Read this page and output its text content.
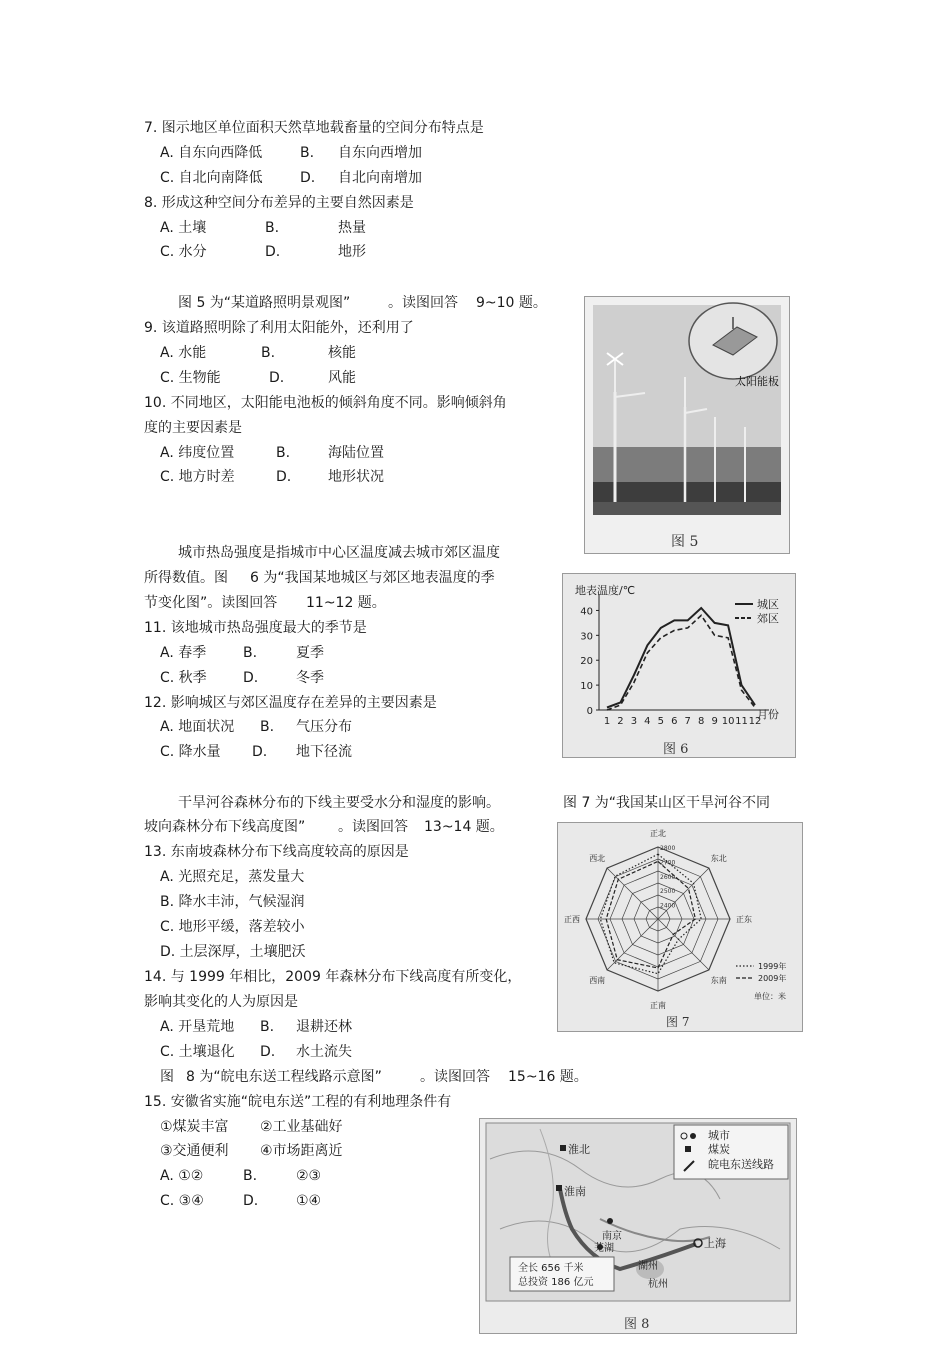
7. 图示地区单位面积天然草地载畜量的空间分布特点是
A. 自东向西降低	B. 自东向西增加
C. 自北向南降低	D. 自北向南增加
8. 形成这种空间分布差异的主要自然因素是
A. 土壤	B.	热量
C. 水分	D.	地形
图 5 为“某道路照明景观图”	。读图回答 9~10 题。
9. 该道路照明除了利用太阳能外，还利用了
A. 水能	B.	核能
C. 生物能	D.	风能
10. 不同地区，太阳能电池板的倾斜角度不同。影响倾斜角
度的主要因素是
A. 纬度位置	B.	海陆位置
C. 地方时差	D.	地形状况
太阳能板
图 5
城市热岛强度是指城市中心区温度减去城市郊区温度
所得数值。图 6 为“我国某地城区与郊区地表温度的季
节变化图”。读图回答 11~12 题。
11. 该地城市热岛强度最大的季节是
A. 春季	B.	夏季
C. 秋季	D.	冬季
12. 影响城区与郊区温度存在差异的主要因素是
A. 地面状况 B. 气压分布
C. 降水量 D. 地下径流
地表温度/℃
月份
0
10
20
30
40
1 2 3 4 5 6 7 8 9 10 11 12
城区
郊区
图 6
干旱河谷森林分布的下线主要受水分和湿度的影响。	图 7 为“我国某山区干旱河谷不同
坡向森林分布下线高度图” 。读图回答 13~14 题。
13. 东南坡森林分布下线高度较高的原因是
A. 光照充足，蒸发量大
B. 降水丰沛，气候湿润
C. 地形平缓，落差较小
D. 土层深厚，土壤肥沃
14. 与 1999 年相比，2009 年森林分布下线高度有所变化，
影响其变化的人为原因是
A. 开垦荒地 B. 退耕还林
C. 土壤退化 D. 水土流失
正北
东北
正东
东南
正南
西南
正西
西北
2800
2700
2600
2500
2400
1999年
2009年
单位：米
图 7
图 8 为“皖电东送工程线路示意图”	。读图回答 15~16 题。
15. 安徽省实施“皖电东送”工程的有利地理条件有
①煤炭丰富 ②工业基础好
③交通便利 ④市场距离近
A. ①②	B.	②③
C. ③④	D.	①④
城市
煤炭
皖电东送线路
淮北
淮南
南京
芜湖	上海
湖州
杭州
全长 656 千米
总投资 186 亿元
图 8
